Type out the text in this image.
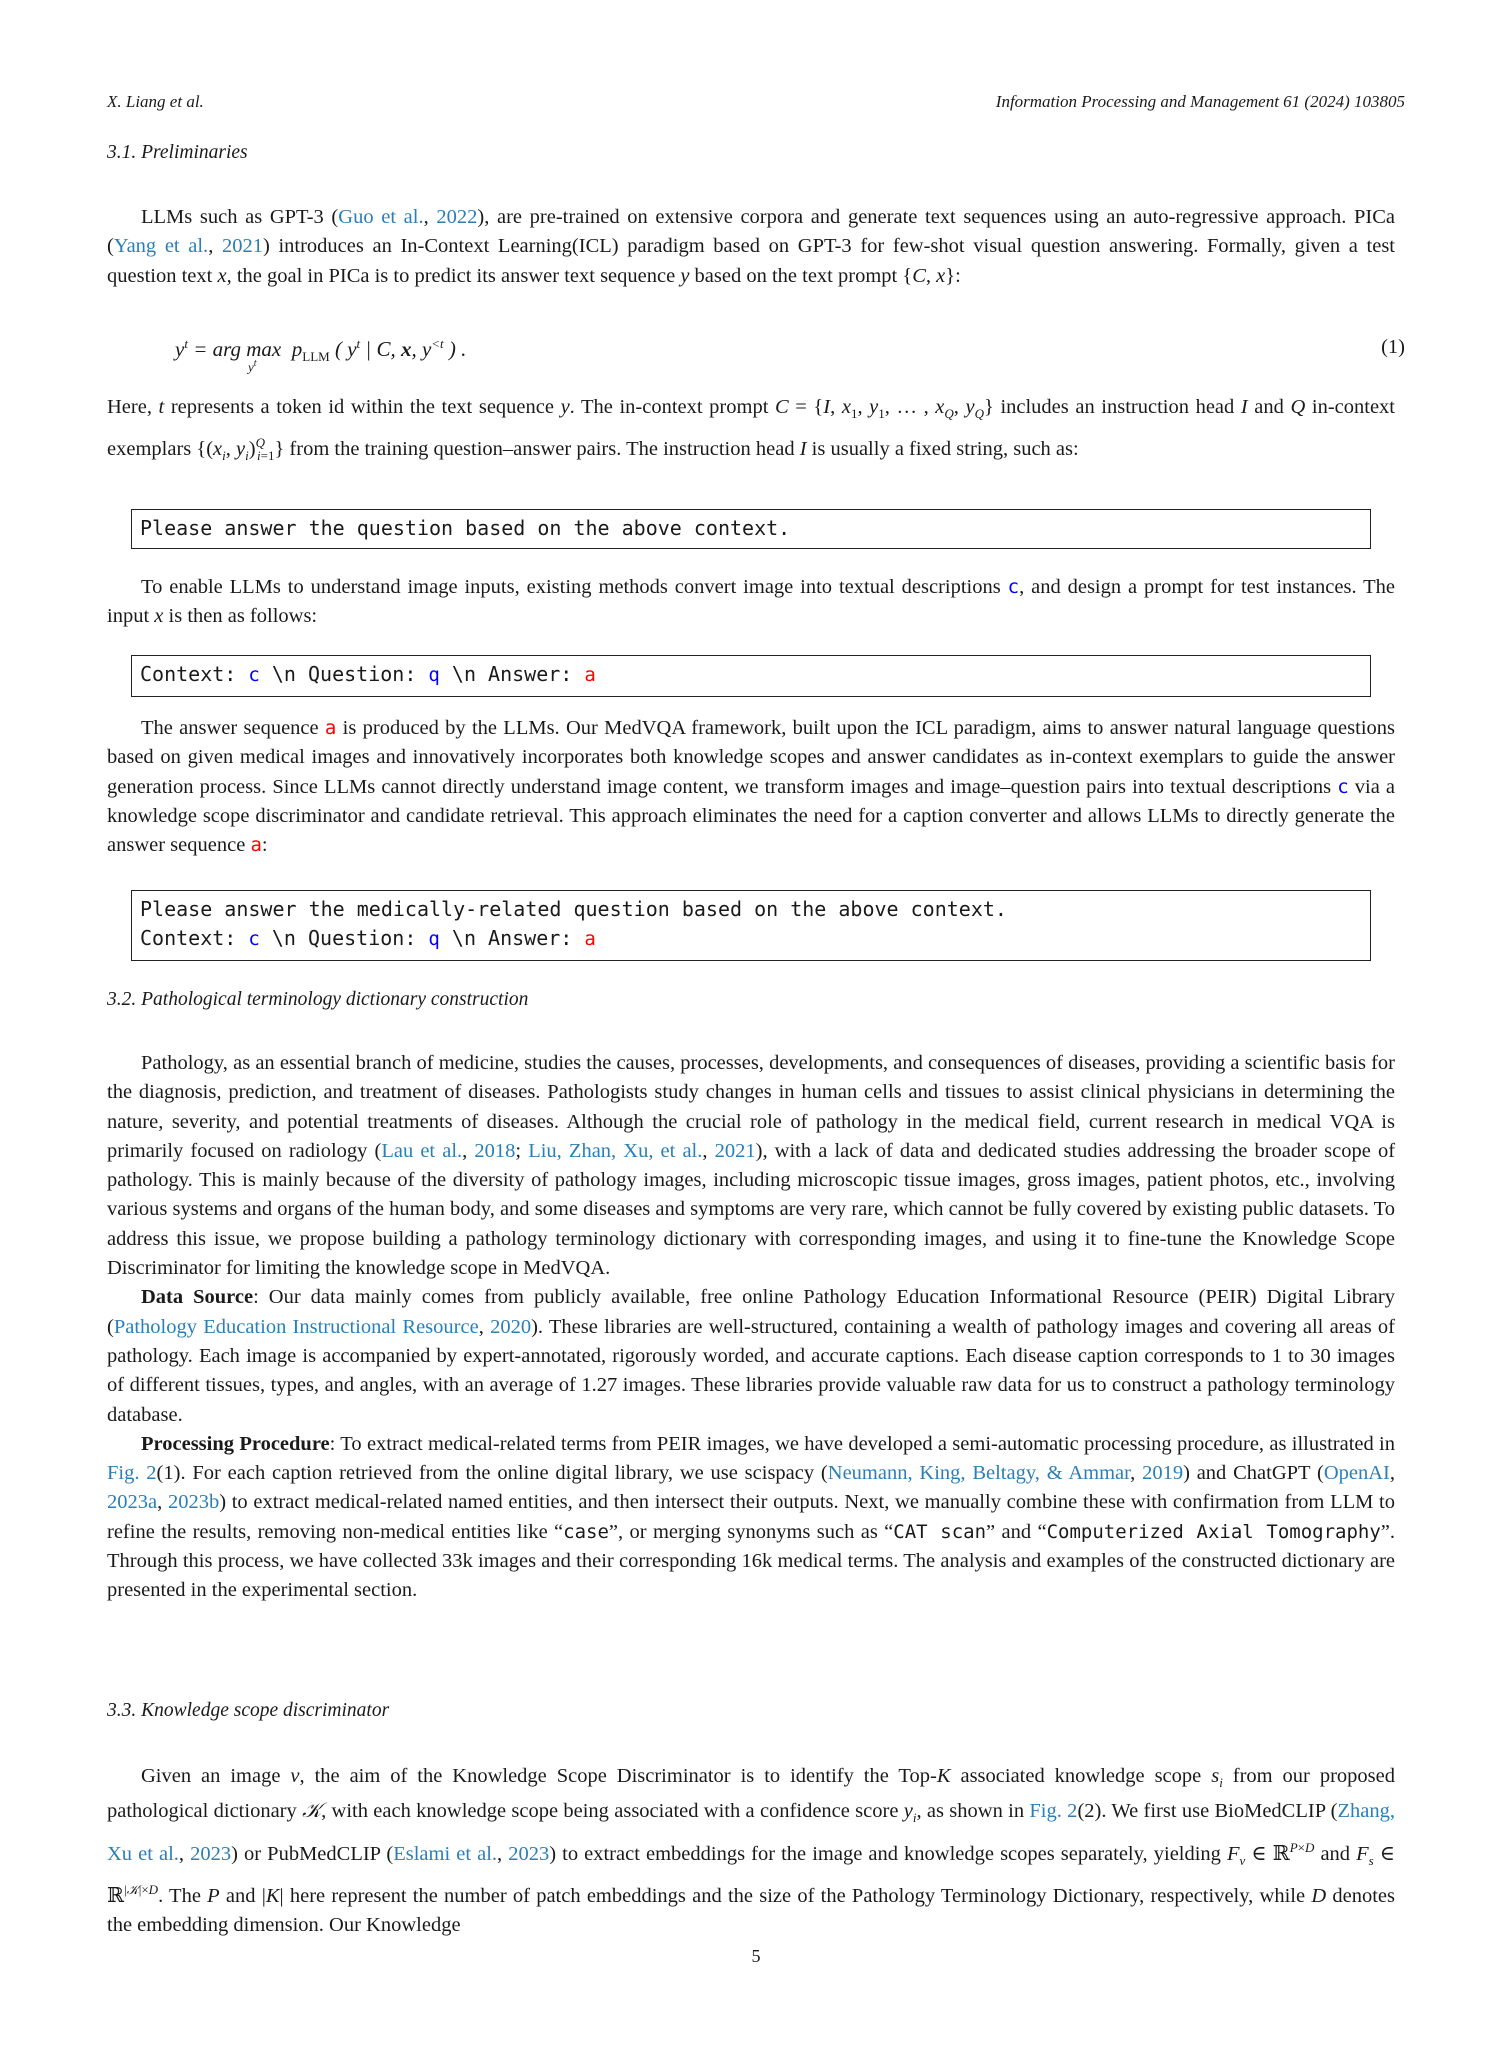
X. Liang et al.	Information Processing and Management 61 (2024) 103805
3.1. Preliminaries
LLMs such as GPT-3 (Guo et al., 2022), are pre-trained on extensive corpora and generate text sequences using an auto-regressive approach. PICa (Yang et al., 2021) introduces an In-Context Learning(ICL) paradigm based on GPT-3 for few-shot visual question answering. Formally, given a test question text x, the goal in PICa is to predict its answer text sequence y based on the text prompt {C, x}:
$y^t$ = arg max
$y^t$
$p_{LLM}$ ( $y^t$ | C, x, $y^{<t}$ ) .	(1)
Here, t represents a token id within the text sequence y. The in-context prompt C = {I, $x_1$, $y_1$, … , $x_Q$, $y_Q$} includes an instruction head I and Q in-context exemplars {($x_i$, $y_i)^Q_{i=1}$} from the training question–answer pairs. The instruction head I is usually a fixed string, such as:
Please answer the question based on the above context.
To enable LLMs to understand image inputs, existing methods convert image into textual descriptions c, and design a prompt for test instances. The input x is then as follows:
Context: c \n Question: q \n Answer: a
The answer sequence a is produced by the LLMs. Our MedVQA framework, built upon the ICL paradigm, aims to answer natural language questions based on given medical images and innovatively incorporates both knowledge scopes and answer candidates as in-context exemplars to guide the answer generation process. Since LLMs cannot directly understand image content, we transform images and image–question pairs into textual descriptions c via a knowledge scope discriminator and candidate retrieval. This approach eliminates the need for a caption converter and allows LLMs to directly generate the answer sequence a:
Please answer the medically-related question based on the above context.
Context: c \n Question: q \n Answer: a
3.2. Pathological terminology dictionary construction

Pathology, as an essential branch of medicine, studies the causes, processes, developments, and consequences of diseases, providing a scientific basis for the diagnosis, prediction, and treatment of diseases. Pathologists study changes in human cells and tissues to assist clinical physicians in determining the nature, severity, and potential treatments of diseases. Although the crucial role of pathology in the medical field, current research in medical VQA is primarily focused on radiology (Lau et al., 2018; Liu, Zhan, Xu, et al., 2021), with a lack of data and dedicated studies addressing the broader scope of pathology. This is mainly because of the diversity of pathology images, including microscopic tissue images, gross images, patient photos, etc., involving various systems and organs of the human body, and some diseases and symptoms are very rare, which cannot be fully covered by existing public datasets. To address this issue, we propose building a pathology terminology dictionary with corresponding images, and using it to fine-tune the Knowledge Scope Discriminator for limiting the knowledge scope in MedVQA.

Data Source: Our data mainly comes from publicly available, free online Pathology Education Informational Resource (PEIR) Digital Library (Pathology Education Instructional Resource, 2020). These libraries are well-structured, containing a wealth of pathology images and covering all areas of pathology. Each image is accompanied by expert-annotated, rigorously worded, and accurate captions. Each disease caption corresponds to 1 to 30 images of different tissues, types, and angles, with an average of 1.27 images. These libraries provide valuable raw data for us to construct a pathology terminology database.

Processing Procedure: To extract medical-related terms from PEIR images, we have developed a semi-automatic processing procedure, as illustrated in Fig. 2(1). For each caption retrieved from the online digital library, we use scispacy (Neumann, King, Beltagy, & Ammar, 2019) and ChatGPT (OpenAI, 2023a, 2023b) to extract medical-related named entities, and then intersect their outputs. Next, we manually combine these with confirmation from LLM to refine the results, removing non-medical entities like “case”, or merging synonyms such as “CAT scan” and “Computerized Axial Tomography”. Through this process, we have collected 33k images and their corresponding 16k medical terms. The analysis and examples of the constructed dictionary are presented in the experimental section.

3.3. Knowledge scope discriminator
Given an image v, the aim of the Knowledge Scope Discriminator is to identify the Top-K associated knowledge scope $s_i$ from our proposed pathological dictionary 𝒦, with each knowledge scope being associated with a confidence score $y_i$, as shown in Fig. 2(2). We first use BioMedCLIP (Zhang, Xu et al., 2023) or PubMedCLIP (Eslami et al., 2023) to extract embeddings for the image and knowledge scopes separately, yielding $F_v$ ∈ ℝ$^{P\times D}$ and $F_s$ ∈ ℝ$^{|𝒦|\times D}$. The P and |K| here represent the number of patch embeddings and the size of the Pathology Terminology Dictionary, respectively, while D denotes the embedding dimension. Our Knowledge
5
